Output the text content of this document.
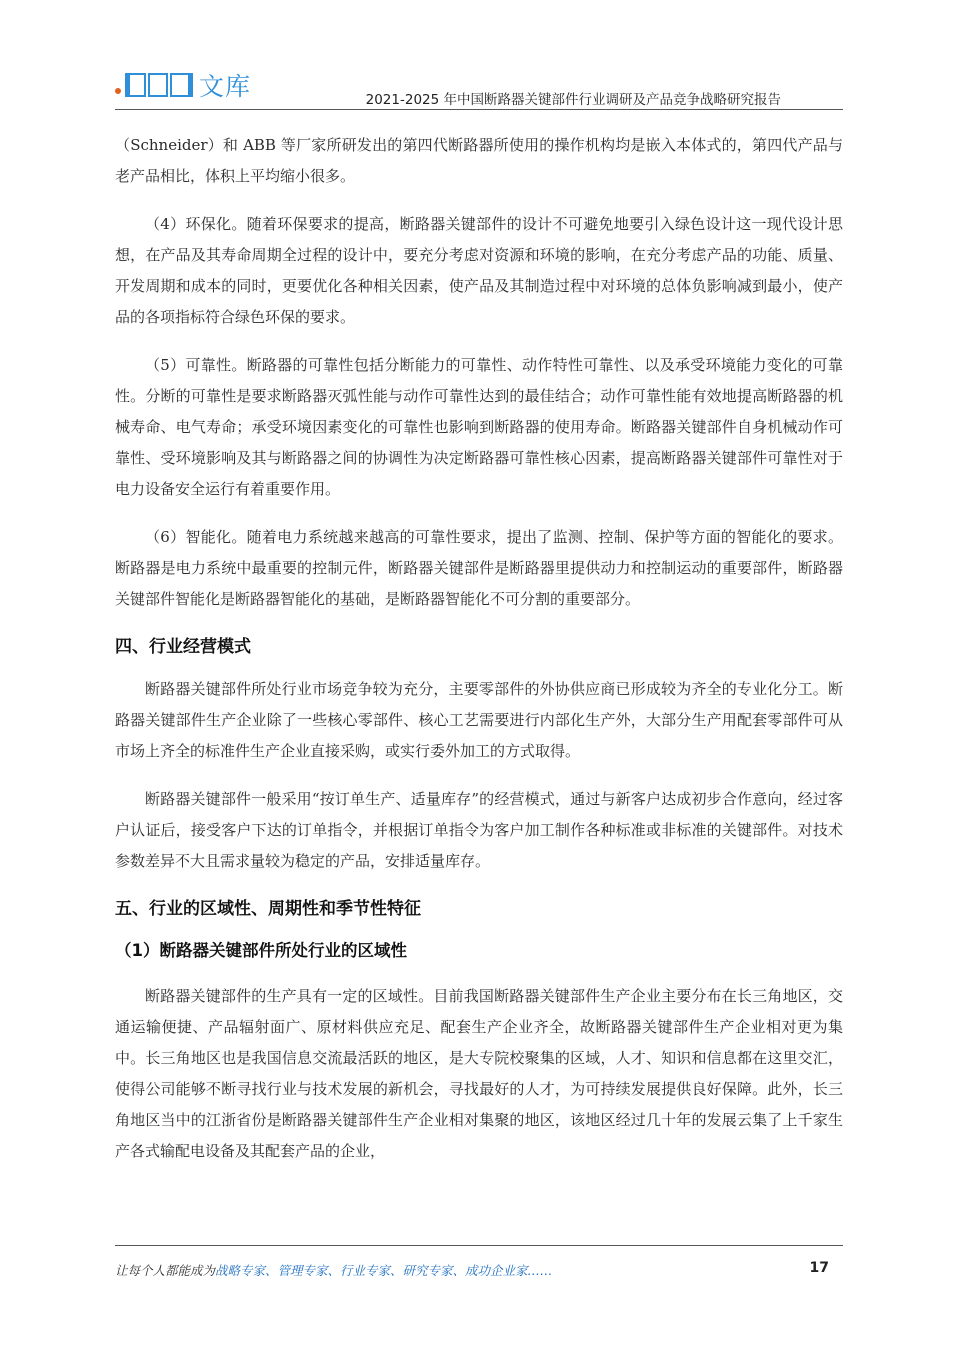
文库	2021-2025 年中国断路器关键部件行业调研及产品竞争战略研究报告

（Schneider）和 ABB 等厂家所研发出的第四代断路器所使用的操作机构均是嵌入本体式的，第四代产品与老产品相比，体积上平均缩小很多。

（4）环保化。随着环保要求的提高，断路器关键部件的设计不可避免地要引入绿色设计这一现代设计思想，在产品及其寿命周期全过程的设计中，要充分考虑对资源和环境的影响，在充分考虑产品的功能、质量、开发周期和成本的同时，更要优化各种相关因素，使产品及其制造过程中对环境的总体负影响减到最小，使产品的各项指标符合绿色环保的要求。

（5）可靠性。断路器的可靠性包括分断能力的可靠性、动作特性可靠性、以及承受环境能力变化的可靠性。分断的可靠性是要求断路器灭弧性能与动作可靠性达到的最佳结合；动作可靠性能有效地提高断路器的机械寿命、电气寿命；承受环境因素变化的可靠性也影响到断路器的使用寿命。断路器关键部件自身机械动作可靠性、受环境影响及其与断路器之间的协调性为决定断路器可靠性核心因素，提高断路器关键部件可靠性对于电力设备安全运行有着重要作用。

（6）智能化。随着电力系统越来越高的可靠性要求，提出了监测、控制、保护等方面的智能化的要求。断路器是电力系统中最重要的控制元件，断路器关键部件是断路器里提供动力和控制运动的重要部件，断路器关键部件智能化是断路器智能化的基础，是断路器智能化不可分割的重要部分。

四、行业经营模式

断路器关键部件所处行业市场竞争较为充分，主要零部件的外协供应商已形成较为齐全的专业化分工。断路器关键部件生产企业除了一些核心零部件、核心工艺需要进行内部化生产外，大部分生产用配套零部件可从市场上齐全的标准件生产企业直接采购，或实行委外加工的方式取得。

断路器关键部件一般采用“按订单生产、适量库存”的经营模式，通过与新客户达成初步合作意向，经过客户认证后，接受客户下达的订单指令，并根据订单指令为客户加工制作各种标准或非标准的关键部件。对技术参数差异不大且需求量较为稳定的产品，安排适量库存。

五、行业的区域性、周期性和季节性特征
（1）断路器关键部件所处行业的区域性

断路器关键部件的生产具有一定的区域性。目前我国断路器关键部件生产企业主要分布在长三角地区，交通运输便捷、产品辐射面广、原材料供应充足、配套生产企业齐全，故断路器关键部件生产企业相对更为集中。长三角地区也是我国信息交流最活跃的地区，是大专院校聚集的区域，人才、知识和信息都在这里交汇，使得公司能够不断寻找行业与技术发展的新机会，寻找最好的人才，为可持续发展提供良好保障。此外，长三角地区当中的江浙省份是断路器关键部件生产企业相对集聚的地区，该地区经过几十年的发展云集了上千家生产各式输配电设备及其配套产品的企业，

让每个人都能成为战略专家、管理专家、行业专家、研究专家、成功企业家……	17
